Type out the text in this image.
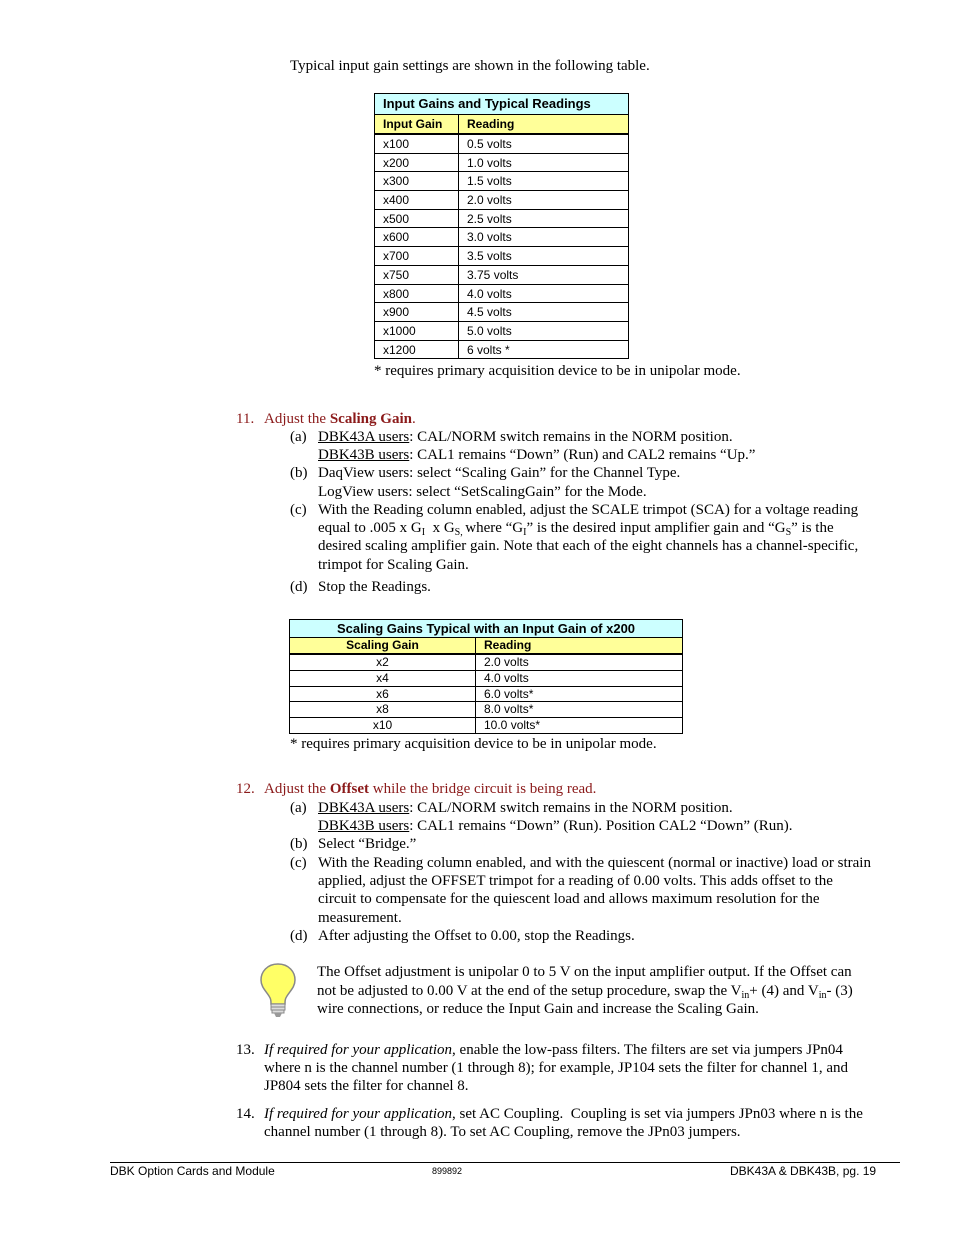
Typical input gain settings are shown in the following table.
Input Gains and Typical Readings
Input Gain	Reading
x100	0.5 volts
x200	1.0 volts
x300	1.5 volts
x400	2.0 volts
x500	2.5 volts
x600	3.0 volts
x700	3.5 volts
x750	3.75 volts
x800	4.0 volts
x900	4.5 volts
x1000	5.0 volts
x1200	6 volts *
* requires primary acquisition device to be in unipolar mode.
11. Adjust the Scaling Gain.
(a) DBK43A users: CAL/NORM switch remains in the NORM position.
DBK43B users: CAL1 remains “Down” (Run) and CAL2 remains “Up.”
(b) DaqView users: select “Scaling Gain” for the Channel Type.
LogView users: select “SetScalingGain” for the Mode.
(c) With the Reading column enabled, adjust the SCALE trimpot (SCA) for a voltage reading
equal to .005 x $G_I$  x $G_{S,}$ where “$G_I$” is the desired input amplifier gain and “$G_S$” is the
desired scaling amplifier gain. Note that each of the eight channels has a channel-specific,
trimpot for Scaling Gain.
(d) Stop the Readings.
Scaling Gains Typical with an Input Gain of x200
Scaling Gain	Reading
x2	2.0 volts
x4	4.0 volts
x6	6.0 volts*
x8	8.0 volts*
x10	10.0 volts*
* requires primary acquisition device to be in unipolar mode.
12. Adjust the Offset while the bridge circuit is being read.
(a) DBK43A users: CAL/NORM switch remains in the NORM position.
DBK43B users: CAL1 remains “Down” (Run). Position CAL2 “Down” (Run).
(b) Select “Bridge.”
(c) With the Reading column enabled, and with the quiescent (normal or inactive) load or strain
applied, adjust the OFFSET trimpot for a reading of 0.00 volts. This adds offset to the
circuit to compensate for the quiescent load and allows maximum resolution for the
measurement.
(d) After adjusting the Offset to 0.00, stop the Readings.
The Offset adjustment is unipolar 0 to 5 V on the input amplifier output. If the Offset can
not be adjusted to 0.00 V at the end of the setup procedure, swap the $V_{in}+ (4)$ and $V_{in}-$ (3)
wire connections, or reduce the Input Gain and increase the Scaling Gain.
13. If required for your application, enable the low-pass filters. The filters are set via jumpers JPn04
where n is the channel number (1 through 8); for example, JP104 sets the filter for channel 1, and
JP804 sets the filter for channel 8.
14. If required for your application, set AC Coupling.  Coupling is set via jumpers JPn03 where n is the
channel number (1 through 8). To set AC Coupling, remove the JPn03 jumpers.
DBK Option Cards and Module	899892	DBK43A & DBK43B, pg. 19
